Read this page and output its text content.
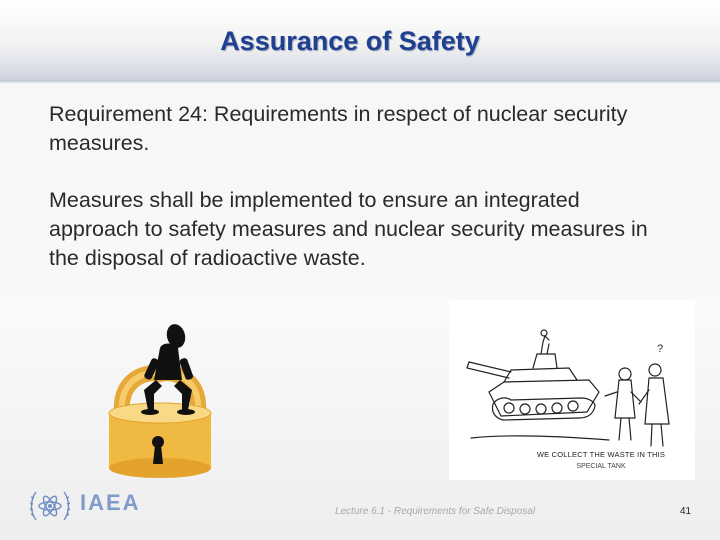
Assurance of Safety
Requirement 24: Requirements in respect of nuclear security measures.
Measures shall be implemented to ensure an integrated approach to safety measures and nuclear security measures in the disposal of radioactive waste.
?
WE COLLECT THE WASTE IN THIS
SPECIAL TANK
IAEA	Lecture 6.1 - Requirements for Safe Disposal	41
